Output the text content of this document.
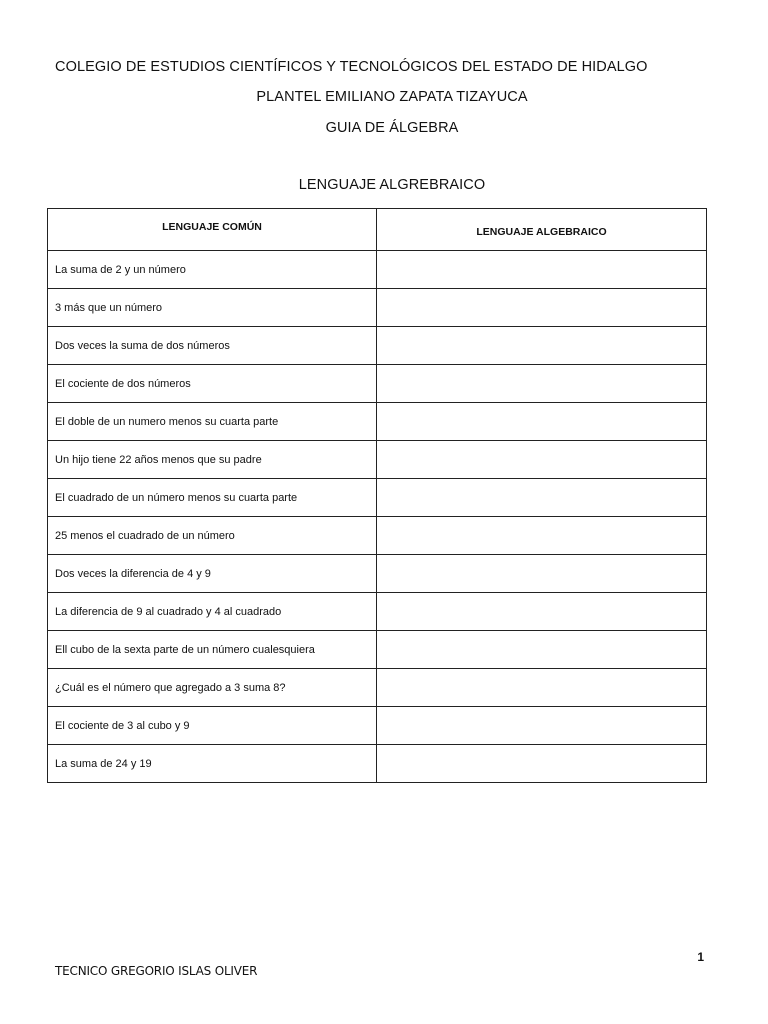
COLEGIO DE ESTUDIOS CIENTÍFICOS Y TECNOLÓGICOS DEL ESTADO DE HIDALGO
PLANTEL EMILIANO ZAPATA TIZAYUCA
GUIA DE ÁLGEBRA
LENGUAJE ALGREBRAICO
LENGUAJE COMÚN	LENGUAJE ALGEBRAICO
La suma de 2 y un número	
3 más que un número	
Dos veces la suma de dos números	
El cociente de dos números	
El doble de un numero menos su cuarta parte	
Un hijo tiene 22 años menos que su padre	
El cuadrado de un número menos su cuarta parte	
25 menos el cuadrado de un número	
Dos veces la diferencia de 4 y 9	
La diferencia de 9 al cuadrado y 4 al cuadrado	
Ell cubo de la sexta parte de un número cualesquiera	
¿Cuál es el número que agregado a 3 suma 8?	
El cociente de 3 al cubo y 9	
La suma de 24 y 19	
1
TECNICO GREGORIO ISLAS OLIVER
